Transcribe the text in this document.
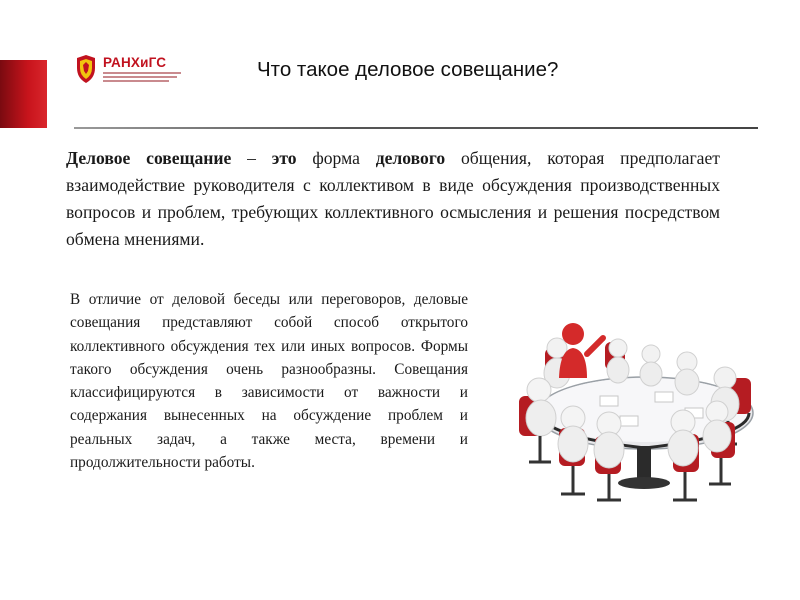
РАНХиГС	Что такое деловое совещание?
Деловое совещание – это форма делового общения, которая предполагает взаимодействие руководителя с коллективом в виде обсуждения производственных вопросов и проблем, требующих коллективного осмысления и решения посредством обмена мнениями.
В отличие от деловой беседы или переговоров, деловые совещания представляют собой способ открытого коллективного обсуждения тех или иных вопросов. Формы такого обсуждения очень разнообразны. Совещания классифицируются в зависимости от важности и содержания вынесенных на обсуждение проблем и реальных задач, а также места, времени и продолжительности работы.
